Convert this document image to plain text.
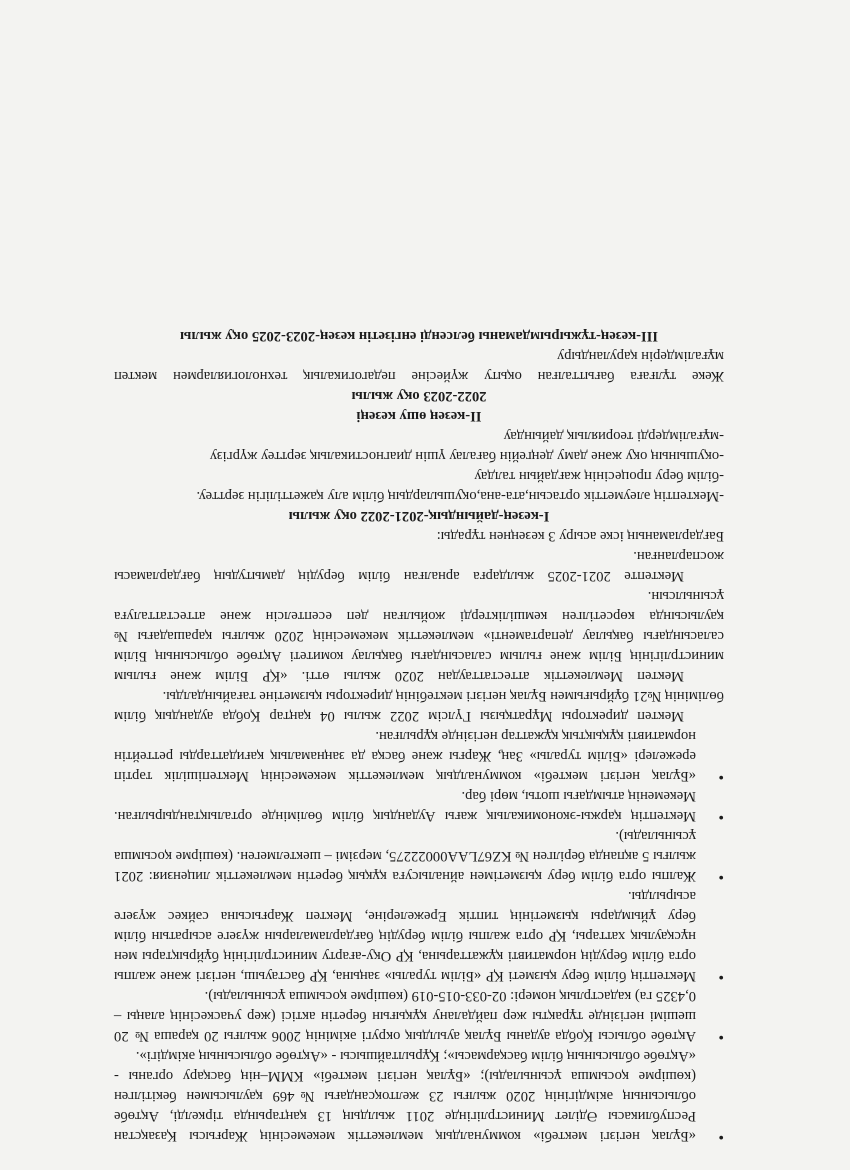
• «Бұлақ негізгі мектебі» коммуналдық мемлекеттік мекемесінің Жарғысы Қазақстан Республикасы Әділет Министрлігінде 2011 жылдың 13 қаңтарында тіркелді, Ақтөбе облысының әкімдігінің 2020 жылғы 23 желтоқсандағы №469 қаулысымен бекітілген (көшірме қосымша ұсынылады); «Бұлақ негізгі мектебі» КММ–нің басқару органы - «Ақтөбе облысының білім басқармасы»; Құрылтайшысы - «Ақтөбе облысының әкімдігі».
• Ақтөбе облысы Қобда ауданы Бұлақ ауылдық округі әкімінің 2006 жылғы 20 қараша № 20 шешімі негізінде тұрақты жер пайдалану құқығын беретін актісі (жер учаскесінің алаңы –0,4325 га) кадастрлық номері: 02-033-015-019 (көшірме қосымша ұсынылады).
• Мектептің білім беру қызметі ҚР «Білім туралы» заңына, ҚР бастауыш, негізгі және жалпы орта білім берудің нормативті құжаттарына, ҚР Оқу-ағарту министрлігінің бұйрықтары мен нұсқаулық хаттары, ҚР орта жалпы білім берудің бағдарламаларын жүзеге асыратын білім беру ұйымдары қызметінің типтік Ережелеріне, Мектеп Жарғысына сәйкес жүзеге асырылды.
• Жалпы орта білім беру қызметімен айналысуға құқық беретін мемлекеттік лицензия: 2021 жылғы 5 ақпанда берілген № KZ67LAA00022275, мерзімі – шектелмеген. (көшірме қосымша ұсынылады).
• Мектептің қаржы-экономикалық жағы Аудандық білім бөлімінде орталықтандырылған. Мекеменің атымдағы шоты, мөрі бар.
• «Бұлақ негізгі мектебі» коммуналдық мемлекеттік мекемесінің Мектепішілік тәртіп ережелері «Білім туралы» Заң, Жарғы және басқа да заңнамалық қағидаттарды реттейтін нормативті құқықтық құжаттар негізінде құрылған.

Мектеп директоры Мұратқызы Гүлсім 2022 жылы 04 қаңтар Қобда аудандық білім бөлімінің №21 бұйрығымен Бұлақ негізгі мектебінің директоры қызметіне тағайындалды.

Мектеп Мемлекеттік аттестаттаудан 2020 жылы өтті. «ҚР Білім және ғылым министрлігінің Білім және ғылым саласындағы бақылау комитеті Ақтөбе облысының Білім саласындағы бақылау департаменті» мемлекеттік мекемесінің 2020 жылғы қарашадағы № қаулысында көрсетілген кемшіліктерді жойылған деп есептелсін және аттестатталуға ұсынылсын.

Мектепте 2021-2025 жылдарға арналған білім берудің дамытудың бағдарламасы жоспарланған.

Бағдарламаның іске асыру 3 кезеңнен тұрады:

І-кезең-дайындық-2021-2022 оқу жылы

-Мектептің әлеуметтік ортасын,ата-ана,оқушылардың білім алу қажеттілігін зерттеу.

-білім беру процесінің жағдайын талдау

-оқушының оқу және даму деңгейін бағалау үшін диагностикалық зерттеу жүргізу

-мұғалімдерді теориялық дайындау

ІІ-кезең өшу кезеңі

2022-2023 оқу жылы

Жеке тұлғаға бағытталған оқыту жүйесіне педагогикалық технологиялармен мектеп мұғалімдерін қаруландыру

ІІІ-кезең-тұжырымдаманы белсенді енгізетін кезең-2023-2025 оқу жылы
